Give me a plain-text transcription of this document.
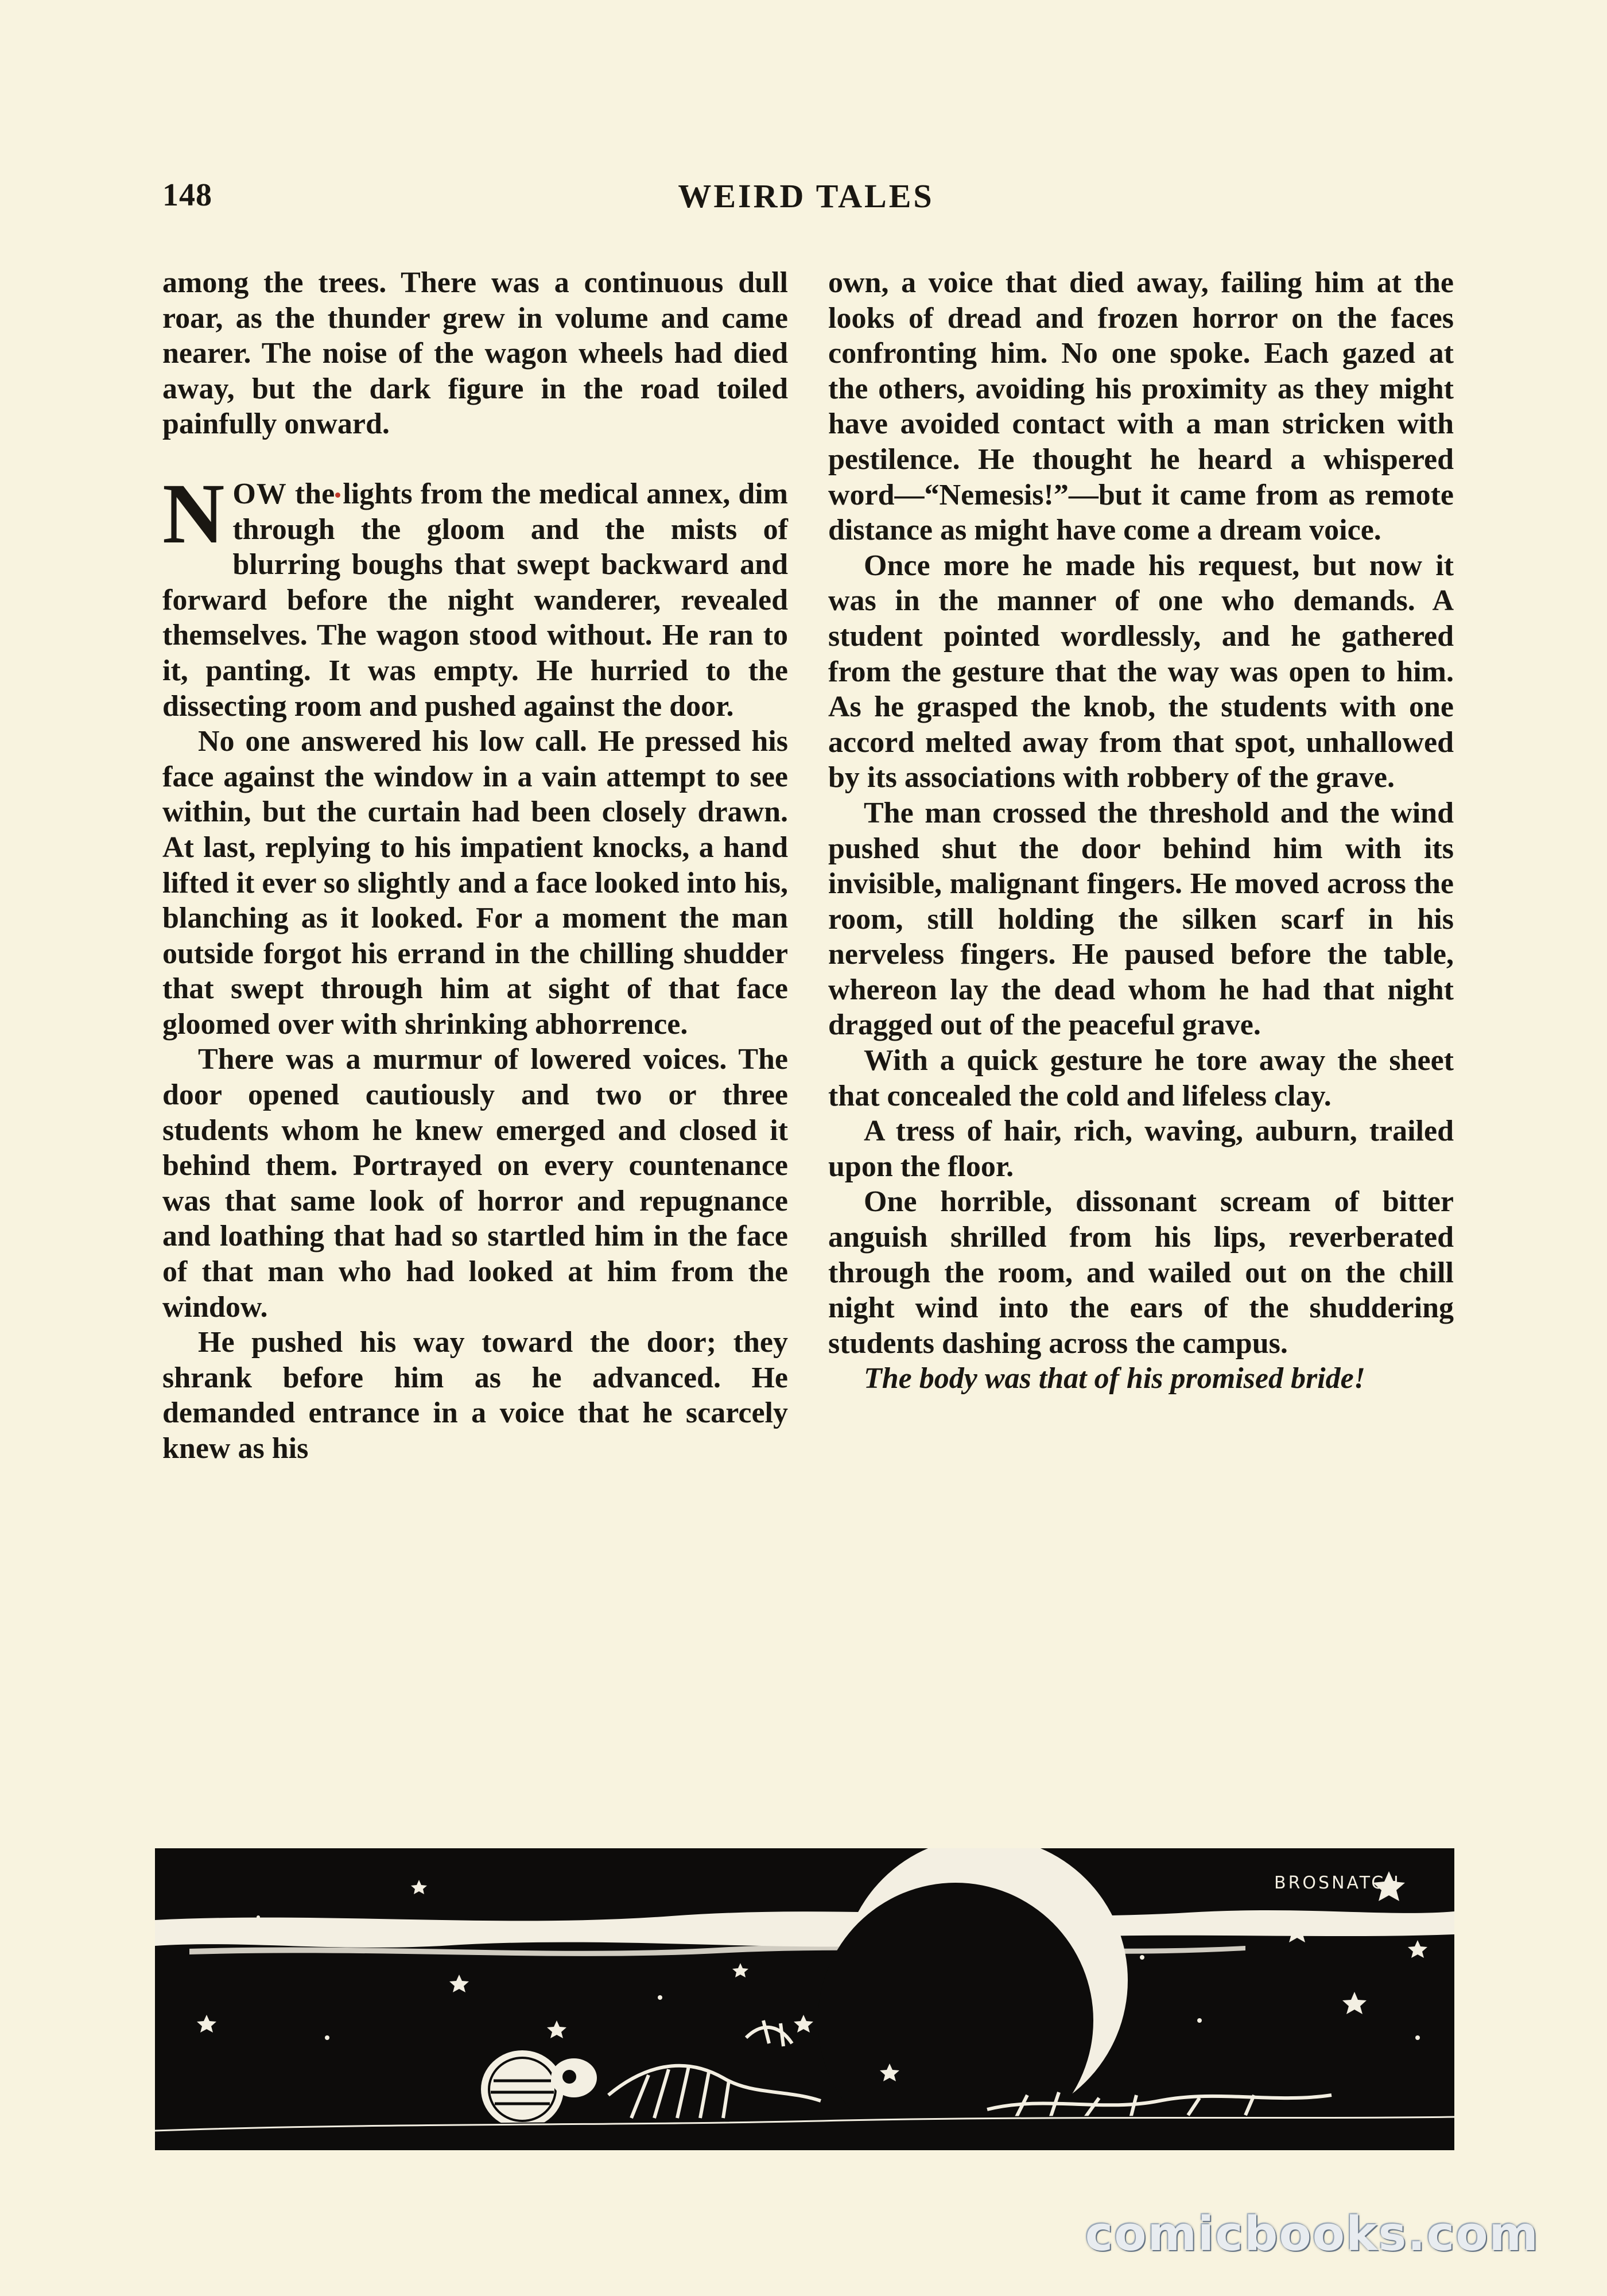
148	WEIRD TALES

among the trees. There was a continuous dull roar, as the thunder grew in volume and came nearer. The noise of the wagon wheels had died away, but the dark figure in the road toiled painfully onward.

NOW the lights from the medical annex, dim through the gloom and the mists of blurring boughs that swept backward and forward before the night wanderer, revealed themselves. The wagon stood without. He ran to it, panting. It was empty. He hurried to the dissecting room and pushed against the door.

No one answered his low call. He pressed his face against the window in a vain attempt to see within, but the curtain had been closely drawn. At last, replying to his impatient knocks, a hand lifted it ever so slightly and a face looked into his, blanching as it looked. For a moment the man outside forgot his errand in the chilling shudder that swept through him at sight of that face gloomed over with shrinking abhorrence.

There was a murmur of lowered voices. The door opened cautiously and two or three students whom he knew emerged and closed it behind them. Portrayed on every countenance was that same look of horror and repugnance and loathing that had so startled him in the face of that man who had looked at him from the window.

He pushed his way toward the door; they shrank before him as he advanced. He demanded entrance in a voice that he scarcely knew as his

own, a voice that died away, failing him at the looks of dread and frozen horror on the faces confronting him. No one spoke. Each gazed at the others, avoiding his proximity as they might have avoided contact with a man stricken with pestilence. He thought he heard a whispered word—“Nemesis!”—but it came from as remote distance as might have come a dream voice.

Once more he made his request, but now it was in the manner of one who demands. A student pointed wordlessly, and he gathered from the gesture that the way was open to him. As he grasped the knob, the students with one accord melted away from that spot, unhallowed by its associations with robbery of the grave.

The man crossed the threshold and the wind pushed shut the door behind him with its invisible, malignant fingers. He moved across the room, still holding the silken scarf in his nerveless fingers. He paused before the table, whereon lay the dead whom he had that night dragged out of the peaceful grave.

With a quick gesture he tore away the sheet that concealed the cold and lifeless clay.

A tress of hair, rich, waving, auburn, trailed upon the floor.

One horrible, dissonant scream of bitter anguish shrilled from his lips, reverberated through the room, and wailed out on the chill night wind into the ears of the shuddering students dashing across the campus.

The body was that of his promised bride!

BROSNATCH
comicbooks.com
